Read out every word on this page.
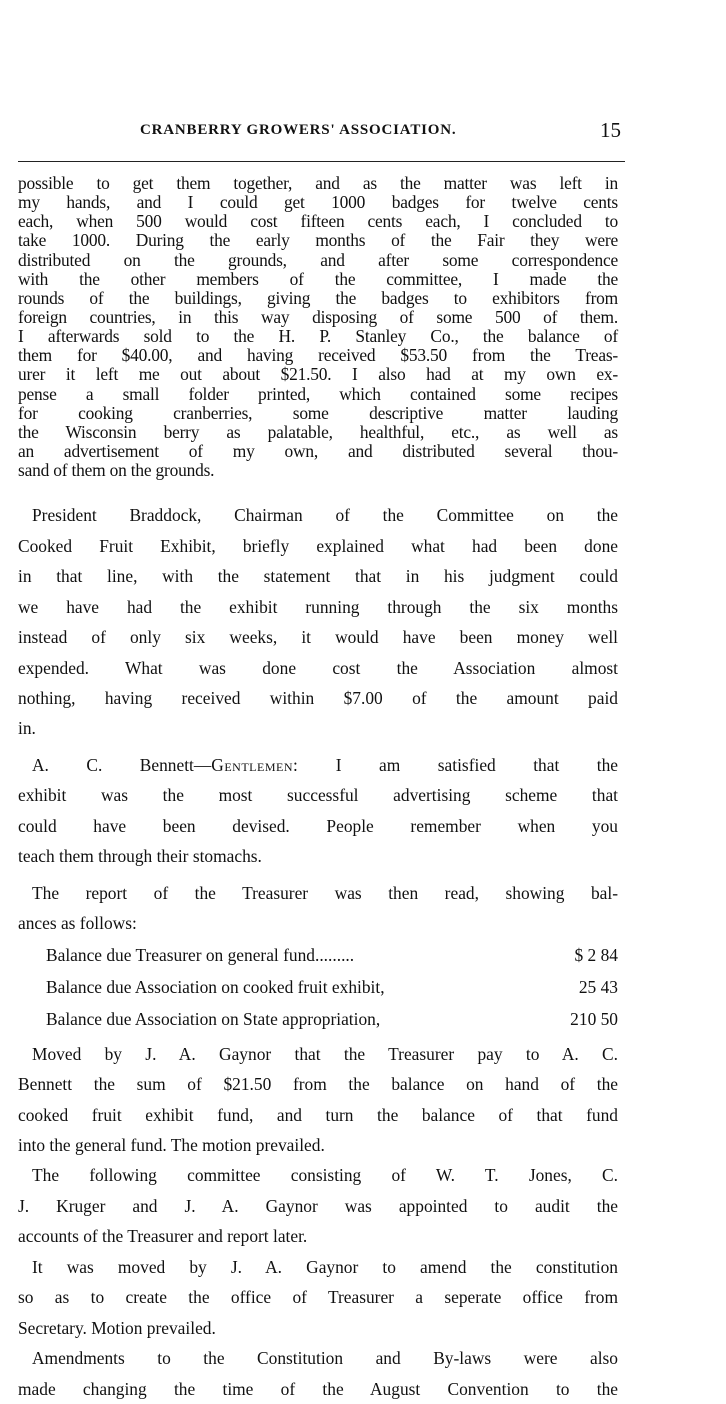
CRANBERRY GROWERS' ASSOCIATION.	15
possible to get them together, and as the matter was left in
my hands, and I could get 1000 badges for twelve cents
each, when 500 would cost fifteen cents each, I concluded to
take 1000. During the early months of the Fair they were
distributed on the grounds, and after some correspondence
with the other members of the committee, I made the
rounds of the buildings, giving the badges to exhibitors from
foreign countries, in this way disposing of some 500 of them.
I afterwards sold to the H. P. Stanley Co., the balance of
them for $40.00, and having received $53.50 from the Treas-
urer it left me out about $21.50. I also had at my own ex-
pense a small folder printed, which contained some recipes
for cooking cranberries, some descriptive matter lauding
the Wisconsin berry as palatable, healthful, etc., as well as
an advertisement of my own, and distributed several thou-
sand of them on the grounds.
President Braddock, Chairman of the Committee on the
Cooked Fruit Exhibit, briefly explained what had been done
in that line, with the statement that in his judgment could
we have had the exhibit running through the six months
instead of only six weeks, it would have been money well
expended. What was done cost the Association almost
nothing, having received within $7.00 of the amount paid
in.
A. C. Bennett—Gentlemen: I am satisfied that the
exhibit was the most successful advertising scheme that
could have been devised. People remember when you
teach them through their stomachs.
The report of the Treasurer was then read, showing bal-
ances as follows:
Balance due Treasurer on general fund.........	$ 2 84
Balance due Association on cooked fruit exhibit,	25 43
Balance due Association on State appropriation,	210 50
Moved by J. A. Gaynor that the Treasurer pay to A. C.
Bennett the sum of $21.50 from the balance on hand of the
cooked fruit exhibit fund, and turn the balance of that fund
into the general fund. The motion prevailed.
The following committee consisting of W. T. Jones, C.
J. Kruger and J. A. Gaynor was appointed to audit the
accounts of the Treasurer and report later.
It was moved by J. A. Gaynor to amend the constitution
so as to create the office of Treasurer a seperate office from
Secretary. Motion prevailed.
Amendments to the Constitution and By-laws were also
made changing the time of the August Convention to the
